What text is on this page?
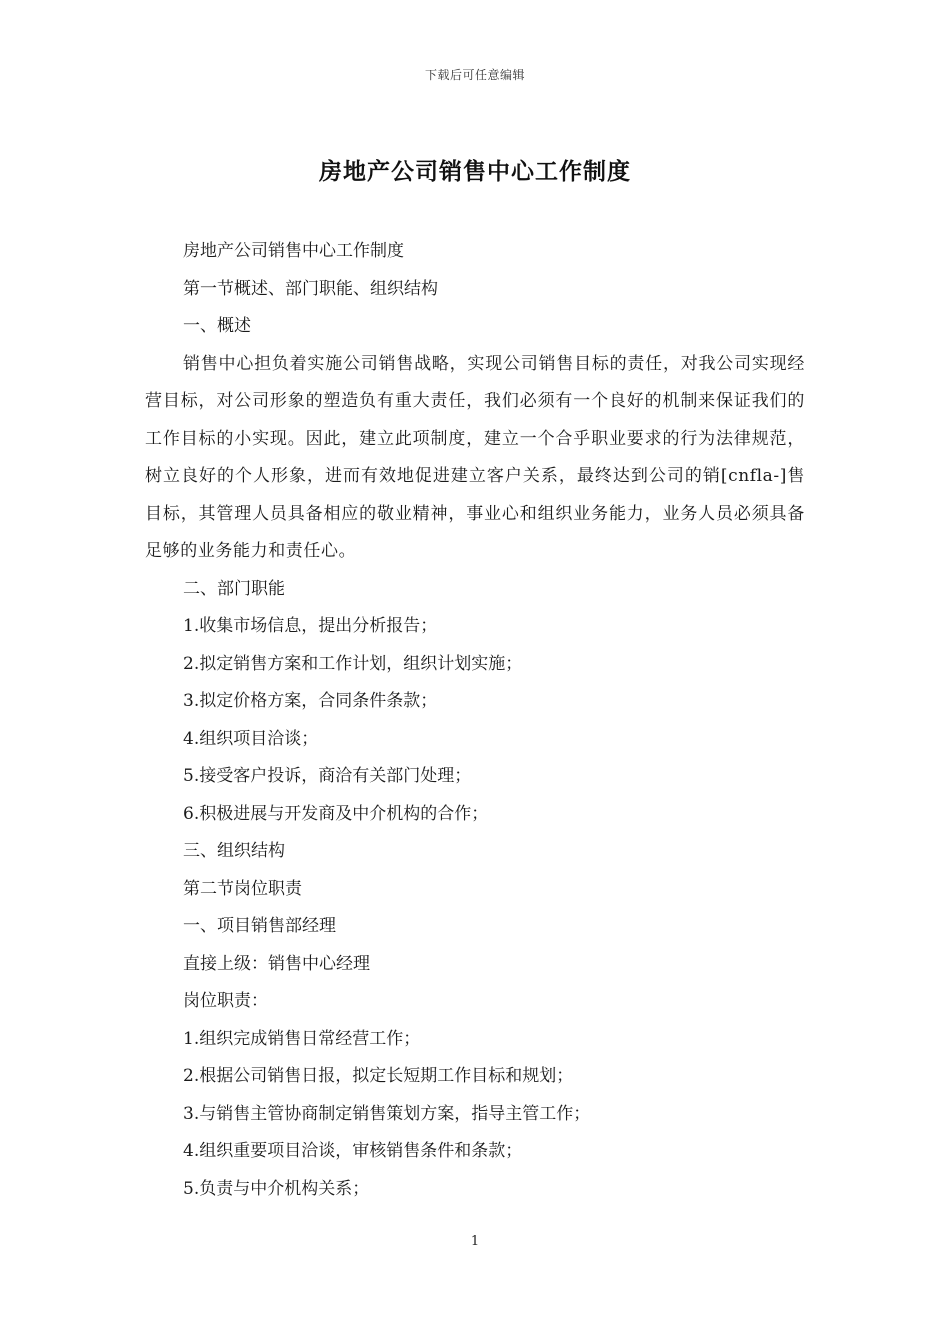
下载后可任意编辑
房地产公司销售中心工作制度
房地产公司销售中心工作制度
第一节概述、部门职能、组织结构
一、概述

销售中心担负着实施公司销售战略，实现公司销售目标的责任，对我公司实现经营目标，对公司形象的塑造负有重大责任，我们必须有一个良好的机制来保证我们的工作目标的小实现。因此，建立此项制度，建立一个合乎职业要求的行为法律规范，树立良好的个人形象，进而有效地促进建立客户关系，最终达到公司的销[cnfla-]售目标，其管理人员具备相应的敬业精神，事业心和组织业务能力，业务人员必须具备足够的业务能力和责任心。

二、部门职能
1.收集市场信息，提出分析报告；
2.拟定销售方案和工作计划，组织计划实施；
3.拟定价格方案，合同条件条款；
4.组织项目洽谈；
5.接受客户投诉，商洽有关部门处理；
6.积极进展与开发商及中介机构的合作；
三、组织结构
第二节岗位职责
一、项目销售部经理
直接上级：销售中心经理
岗位职责：
1.组织完成销售日常经营工作；
2.根据公司销售日报，拟定长短期工作目标和规划；
3.与销售主管协商制定销售策划方案，指导主管工作；
4.组织重要项目洽谈，审核销售条件和条款；
5.负责与中介机构关系；
1
